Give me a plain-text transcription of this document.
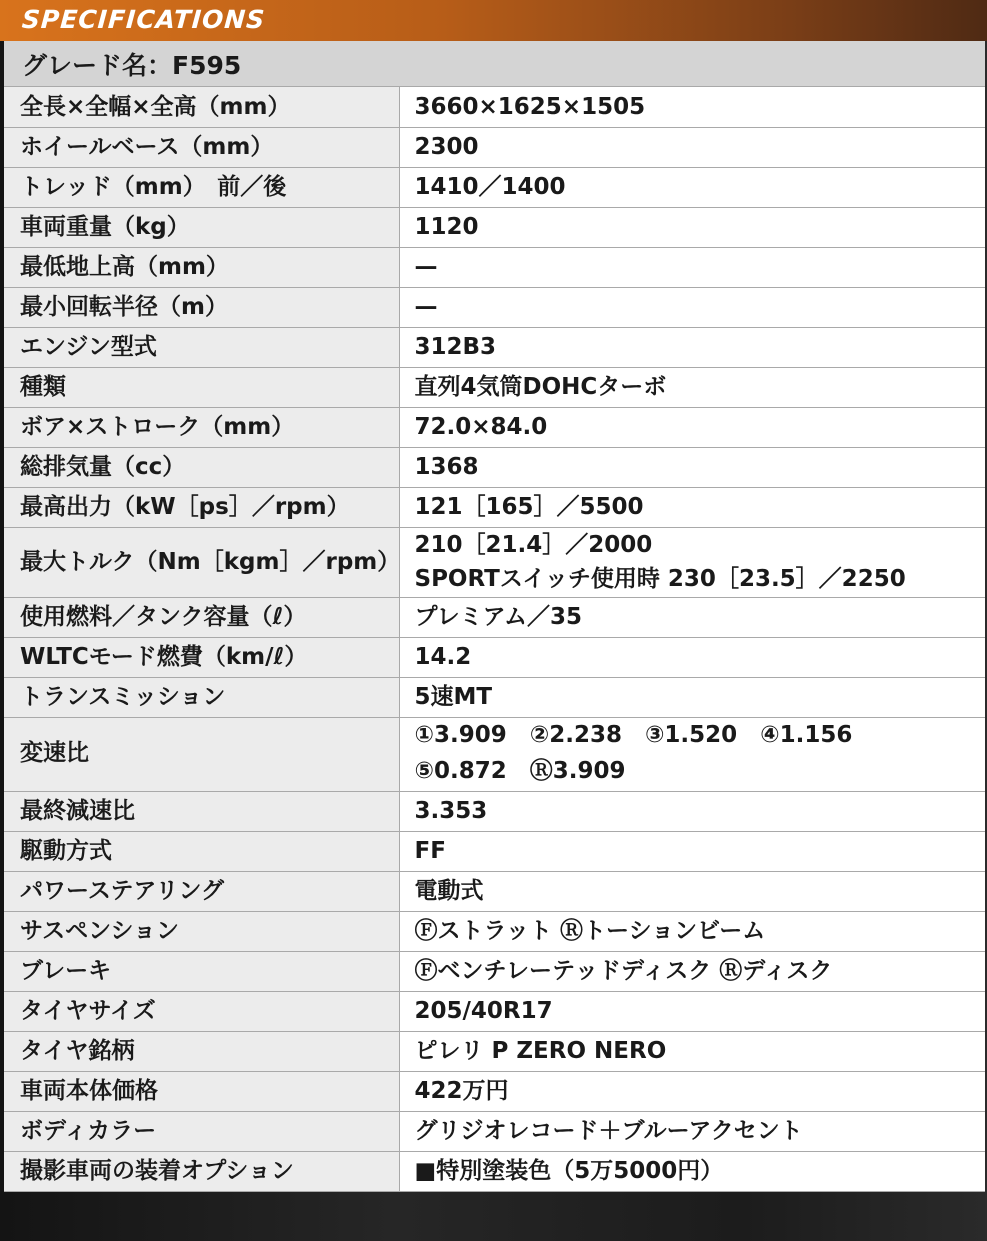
SPECIFICATIONS
グレード名：F595
全長×全幅×全高（mm）	3660×1625×1505
ホイールベース（mm）	2300
トレッド（mm）　前／後	1410／1400
車両重量（kg）	1120
最低地上高（mm）	—
最小回転半径（m）	—
エンジン型式	312B3
種類	直列4気筒DOHCターボ
ボア×ストローク（mm）	72.0×84.0
総排気量（cc）	1368
最高出力（kW［ps］／rpm）	121［165］／5500
最大トルク（Nm［kgm］／rpm）	210［21.4］／2000
SPORTスイッチ使用時 230［23.5］／2250

使用燃料／タンク容量（ℓ）	プレミアム／35
WLTCモード燃費（km/ℓ）	14.2
トランスミッション	5速MT
変速比	①3.909　②2.238　③1.520　④1.156
⑤0.872　Ⓡ3.909

最終減速比	3.353
駆動方式	FF
パワーステアリング	電動式
サスペンション	Ⓕストラット Ⓡトーションビーム
ブレーキ	Ⓕベンチレーテッドディスク Ⓡディスク
タイヤサイズ	205/40R17
タイヤ銘柄	ピレリ P ZERO NERO
車両本体価格	422万円
ボディカラー	グリジオレコード＋ブルーアクセント
撮影車両の装着オプション	■特別塗装色（5万5000円）
